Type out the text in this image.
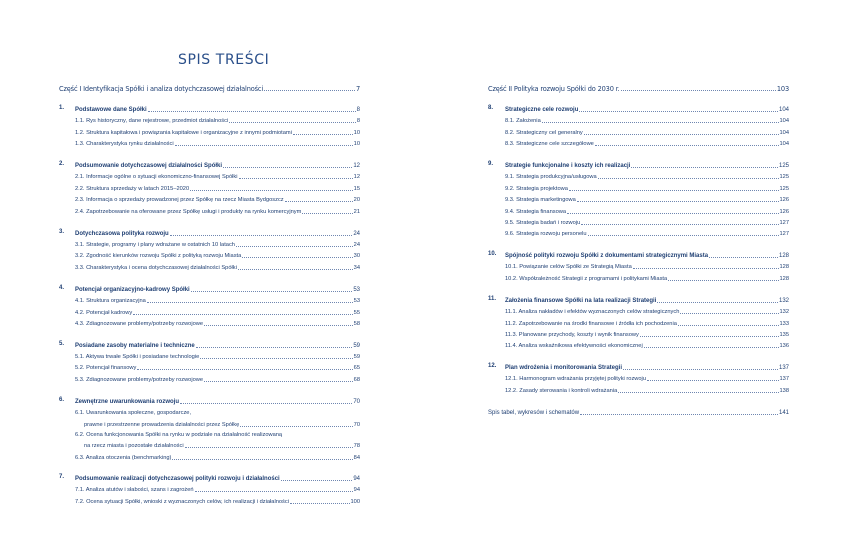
SPIS TREŚCI
Część I Identyfikacja Spółki i analiza dotychczasowej działalności	7
1. Podstawowe dane Spółki	8
1.1. Rys historyczny, dane rejestrowe, przedmiot działalności	8
1.2. Struktura kapitałowa i powiązania kapitałowe i organizacyjne z innymi podmiotami	10
1.3. Charakterystyka rynku działalności	10
2. Podsumowanie dotychczasowej działalności Spółki	12
2.1. Informacje ogólne o sytuacji ekonomiczno-finansowej Spółki	12
2.2. Struktura sprzedaży w latach 2015–2020	15
2.3. Informacja o sprzedaży prowadzonej przez Spółkę na rzecz Miasta Bydgoszcz	20
2.4. Zapotrzebowanie na oferowane przez Spółkę usługi i produkty na rynku komercyjnym	21
3. Dotychczasowa polityka rozwoju	24
3.1. Strategie, programy i plany wdrażane w ostatnich 10 latach	24
3.2. Zgodność kierunków rozwoju Spółki z polityką rozwoju Miasta	30
3.3. Charakterystyka i ocena dotychczasowej działalności Spółki	34
4. Potencjał organizacyjno-kadrowy Spółki	53
4.1. Struktura organizacyjna	53
4.2. Potencjał kadrowy	55
4.3. Zdiagnozowane problemy/potrzeby rozwojowe	58
5. Posiadane zasoby materialne i techniczne	59
5.1. Aktywa trwałe Spółki i posiadane technologie	59
5.2. Potencjał finansowy	65
5.3. Zdiagnozowane problemy/potrzeby rozwojowe	68
6. Zewnętrzne uwarunkowania rozwoju	70
6.1. Uwarunkowania społeczne, gospodarcze,
prawne i przestrzenne prowadzenia działalności przez Spółkę	70
6.2. Ocena funkcjonowania Spółki na rynku w podziale na działalność realizowaną
na rzecz miasta i pozostałe działalności	78
6.3. Analiza otoczenia (benchmarking)	84
7. Podsumowanie realizacji dotychczasowej polityki rozwoju i działalności	94
7.1. Analiza atutów i słabości, szans i zagrożeń	94
7.2. Ocena sytuacji Spółki, wnioski z wyznaczonych celów, ich realizacji i działalności	100
Część II Polityka rozwoju Spółki do 2030 r.	103
8. Strategiczne cele rozwoju	104
8.1. Założenia	104
8.2. Strategiczny cel generalny	104
8.3. Strategiczne cele szczegółowe	104
9. Strategie funkcjonalne i koszty ich realizacji	125
9.1. Strategia produkcyjna/usługowa	125
9.2. Strategia projektowa	125
9.3. Strategia marketingowa	126
9.4. Strategia finansowa	126
9.5. Strategia badań i rozwoju	127
9.6. Strategia rozwoju personelu	127
10. Spójność polityki rozwoju Spółki z dokumentami strategicznymi Miasta	128
10.1. Powiązanie celów Spółki ze Strategią Miasta	128
10.2. Współzależność Strategii z programami i politykami Miasta	128
11. Założenia finansowe Spółki na lata realizacji Strategii	132
11.1. Analiza nakładów i efektów wyznaczonych celów strategicznych	132
11.2. Zapotrzebowanie na środki finansowe i źródła ich pochodzenia	133
11.3. Planowane przychody, koszty i wynik finansowy	135
11.4. Analiza wskaźnikowa efektywności ekonomicznej	136
12. Plan wdrożenia i monitorowania Strategii	137
12.1. Harmonogram wdrażania przyjętej polityki rozwoju	137
12.2. Zasady sterowania i kontroli wdrażania	138
Spis tabel, wykresów i schematów	141
